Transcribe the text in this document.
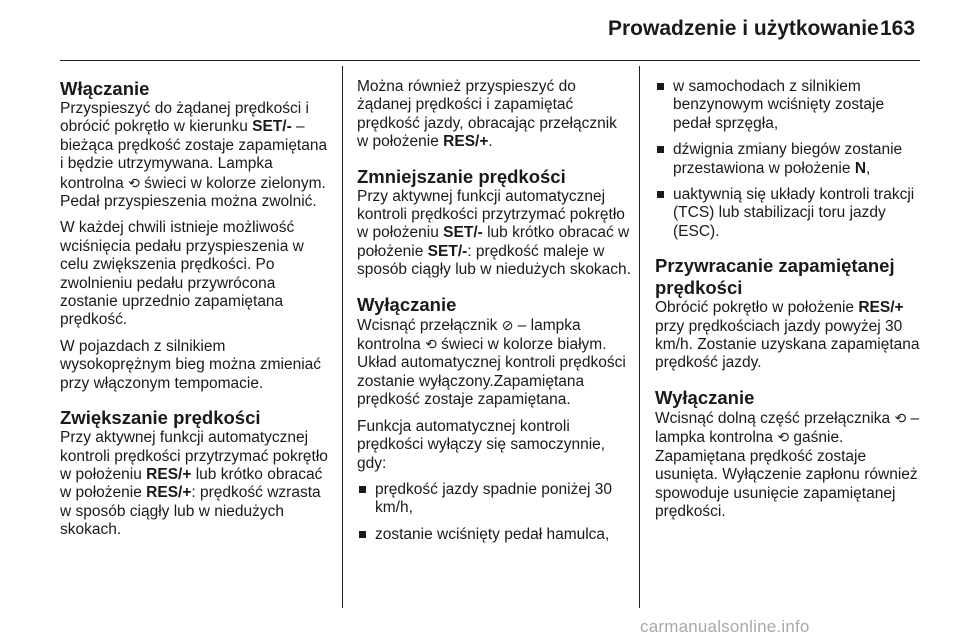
Prowadzenie i użytkowanie 163
Włączanie

Przyspieszyć do żądanej prędkości i obrócić pokrętło w kierunku SET/- – bieżąca prędkość zostaje zapamiętana i będzie utrzymywana. Lampka kontrolna ⟲ świeci w kolorze zielonym. Pedał przyspieszenia można zwolnić.

W każdej chwili istnieje możliwość wciśnięcia pedału przyspieszenia w celu zwiększenia prędkości. Po zwolnieniu pedału przywrócona zostanie uprzednio zapamiętana prędkość.

W pojazdach z silnikiem wysokoprężnym bieg można zmieniać przy włączonym tempomacie.

Zwiększanie prędkości

Przy aktywnej funkcji automatycznej kontroli prędkości przytrzymać pokrętło w położeniu RES/+ lub krótko obracać w położenie RES/+: prędkość wzrasta w sposób ciągły lub w niedużych skokach.

Można również przyspieszyć do żądanej prędkości i zapamiętać prędkość jazdy, obracając przełącznik w położenie RES/+.

Zmniejszanie prędkości

Przy aktywnej funkcji automatycznej kontroli prędkości przytrzymać pokrętło w położeniu SET/- lub krótko obracać w położenie SET/-: prędkość maleje w sposób ciągły lub w niedużych skokach.

Wyłączanie

Wcisnąć przełącznik ⊘ – lampka kontrolna ⟲ świeci w kolorze białym. Układ automatycznej kontroli prędkości zostanie wyłączony.Zapamiętana prędkość zostaje zapamiętana.

Funkcja automatycznej kontroli prędkości wyłączy się samoczynnie, gdy:

prędkość jazdy spadnie poniżej 30 km/h,
zostanie wciśnięty pedał hamulca,
w samochodach z silnikiem benzynowym wciśnięty zostaje pedał sprzęgła,
dźwignia zmiany biegów zostanie przestawiona w położenie N,
uaktywnią się układy kontroli trakcji (TCS) lub stabilizacji toru jazdy (ESC).
Przywracanie zapamiętanej prędkości

Obrócić pokrętło w położenie RES/+ przy prędkościach jazdy powyżej 30 km/h. Zostanie uzyskana zapamiętana prędkość jazdy.

Wyłączanie

Wcisnąć dolną część przełącznika ⟲ – lampka kontrolna ⟲ gaśnie. Zapamiętana prędkość zostaje usunięta. Wyłączenie zapłonu również spowoduje usunięcie zapamiętanej prędkości.

carmanualsonline.info
